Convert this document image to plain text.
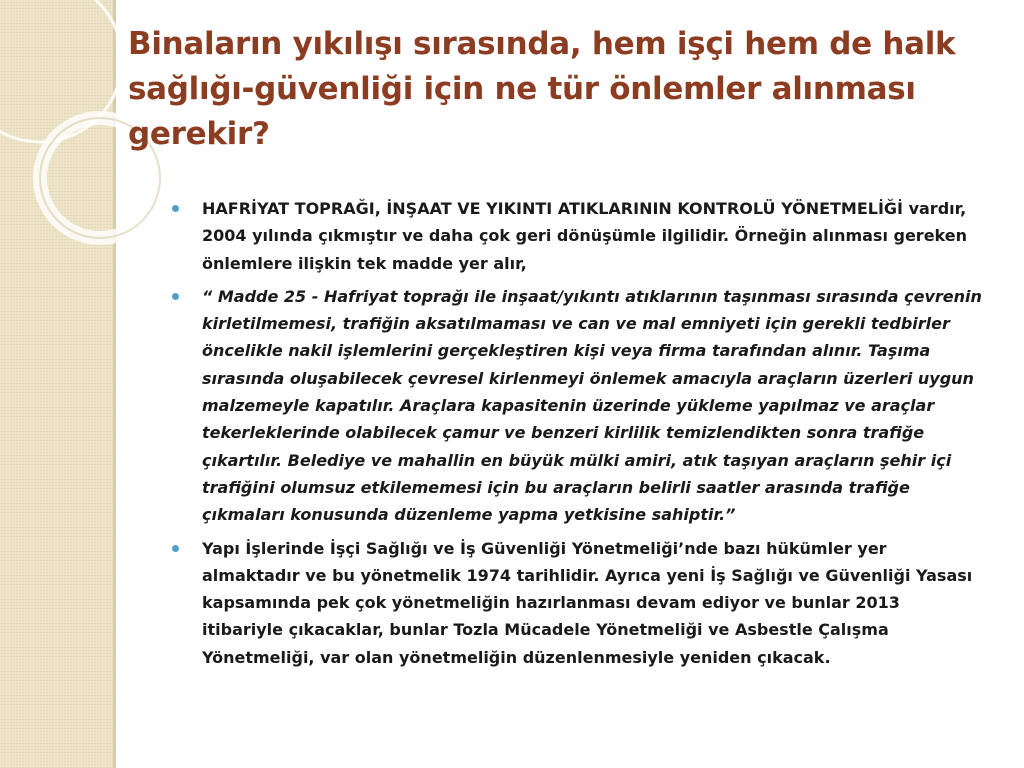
Binaların yıkılışı sırasında, hem işçi hem de halk sağlığı-güvenliği için ne tür önlemler alınması gerekir?
HAFRİYAT TOPRAĞI, İNŞAAT VE YIKINTI ATIKLARININ KONTROLÜ YÖNETMELİĞİ vardır, 2004 yılında çıkmıştır ve daha çok geri dönüşümle ilgilidir. Örneğin alınması gereken önlemlere ilişkin tek madde yer alır,
“ Madde 25 - Hafriyat toprağı ile inşaat/yıkıntı atıklarının taşınması sırasında çevrenin kirletilmemesi, trafiğin aksatılmaması ve can ve mal emniyeti için gerekli tedbirler öncelikle nakil işlemlerini gerçekleştiren kişi veya firma tarafından alınır. Taşıma sırasında oluşabilecek çevresel kirlenmeyi önlemek amacıyla araçların üzerleri uygun malzemeyle kapatılır. Araçlara kapasitenin üzerinde yükleme yapılmaz ve araçlar tekerleklerinde olabilecek çamur ve benzeri kirlilik temizlendikten sonra trafiğe çıkartılır. Belediye ve mahallin en büyük mülki amiri, atık taşıyan araçların şehir içi trafiğini olumsuz etkilememesi için bu araçların belirli saatler arasında trafiğe çıkmaları konusunda düzenleme yapma yetkisine sahiptir.”
Yapı İşlerinde İşçi Sağlığı ve İş Güvenliği Yönetmeliği’nde bazı hükümler yer almaktadır ve bu yönetmelik 1974 tarihlidir. Ayrıca yeni İş Sağlığı ve Güvenliği Yasası kapsamında pek çok yönetmeliğin hazırlanması devam ediyor ve bunlar 2013 itibariyle çıkacaklar, bunlar Tozla Mücadele Yönetmeliği ve Asbestle Çalışma Yönetmeliği, var olan yönetmeliğin düzenlenmesiyle yeniden çıkacak.
